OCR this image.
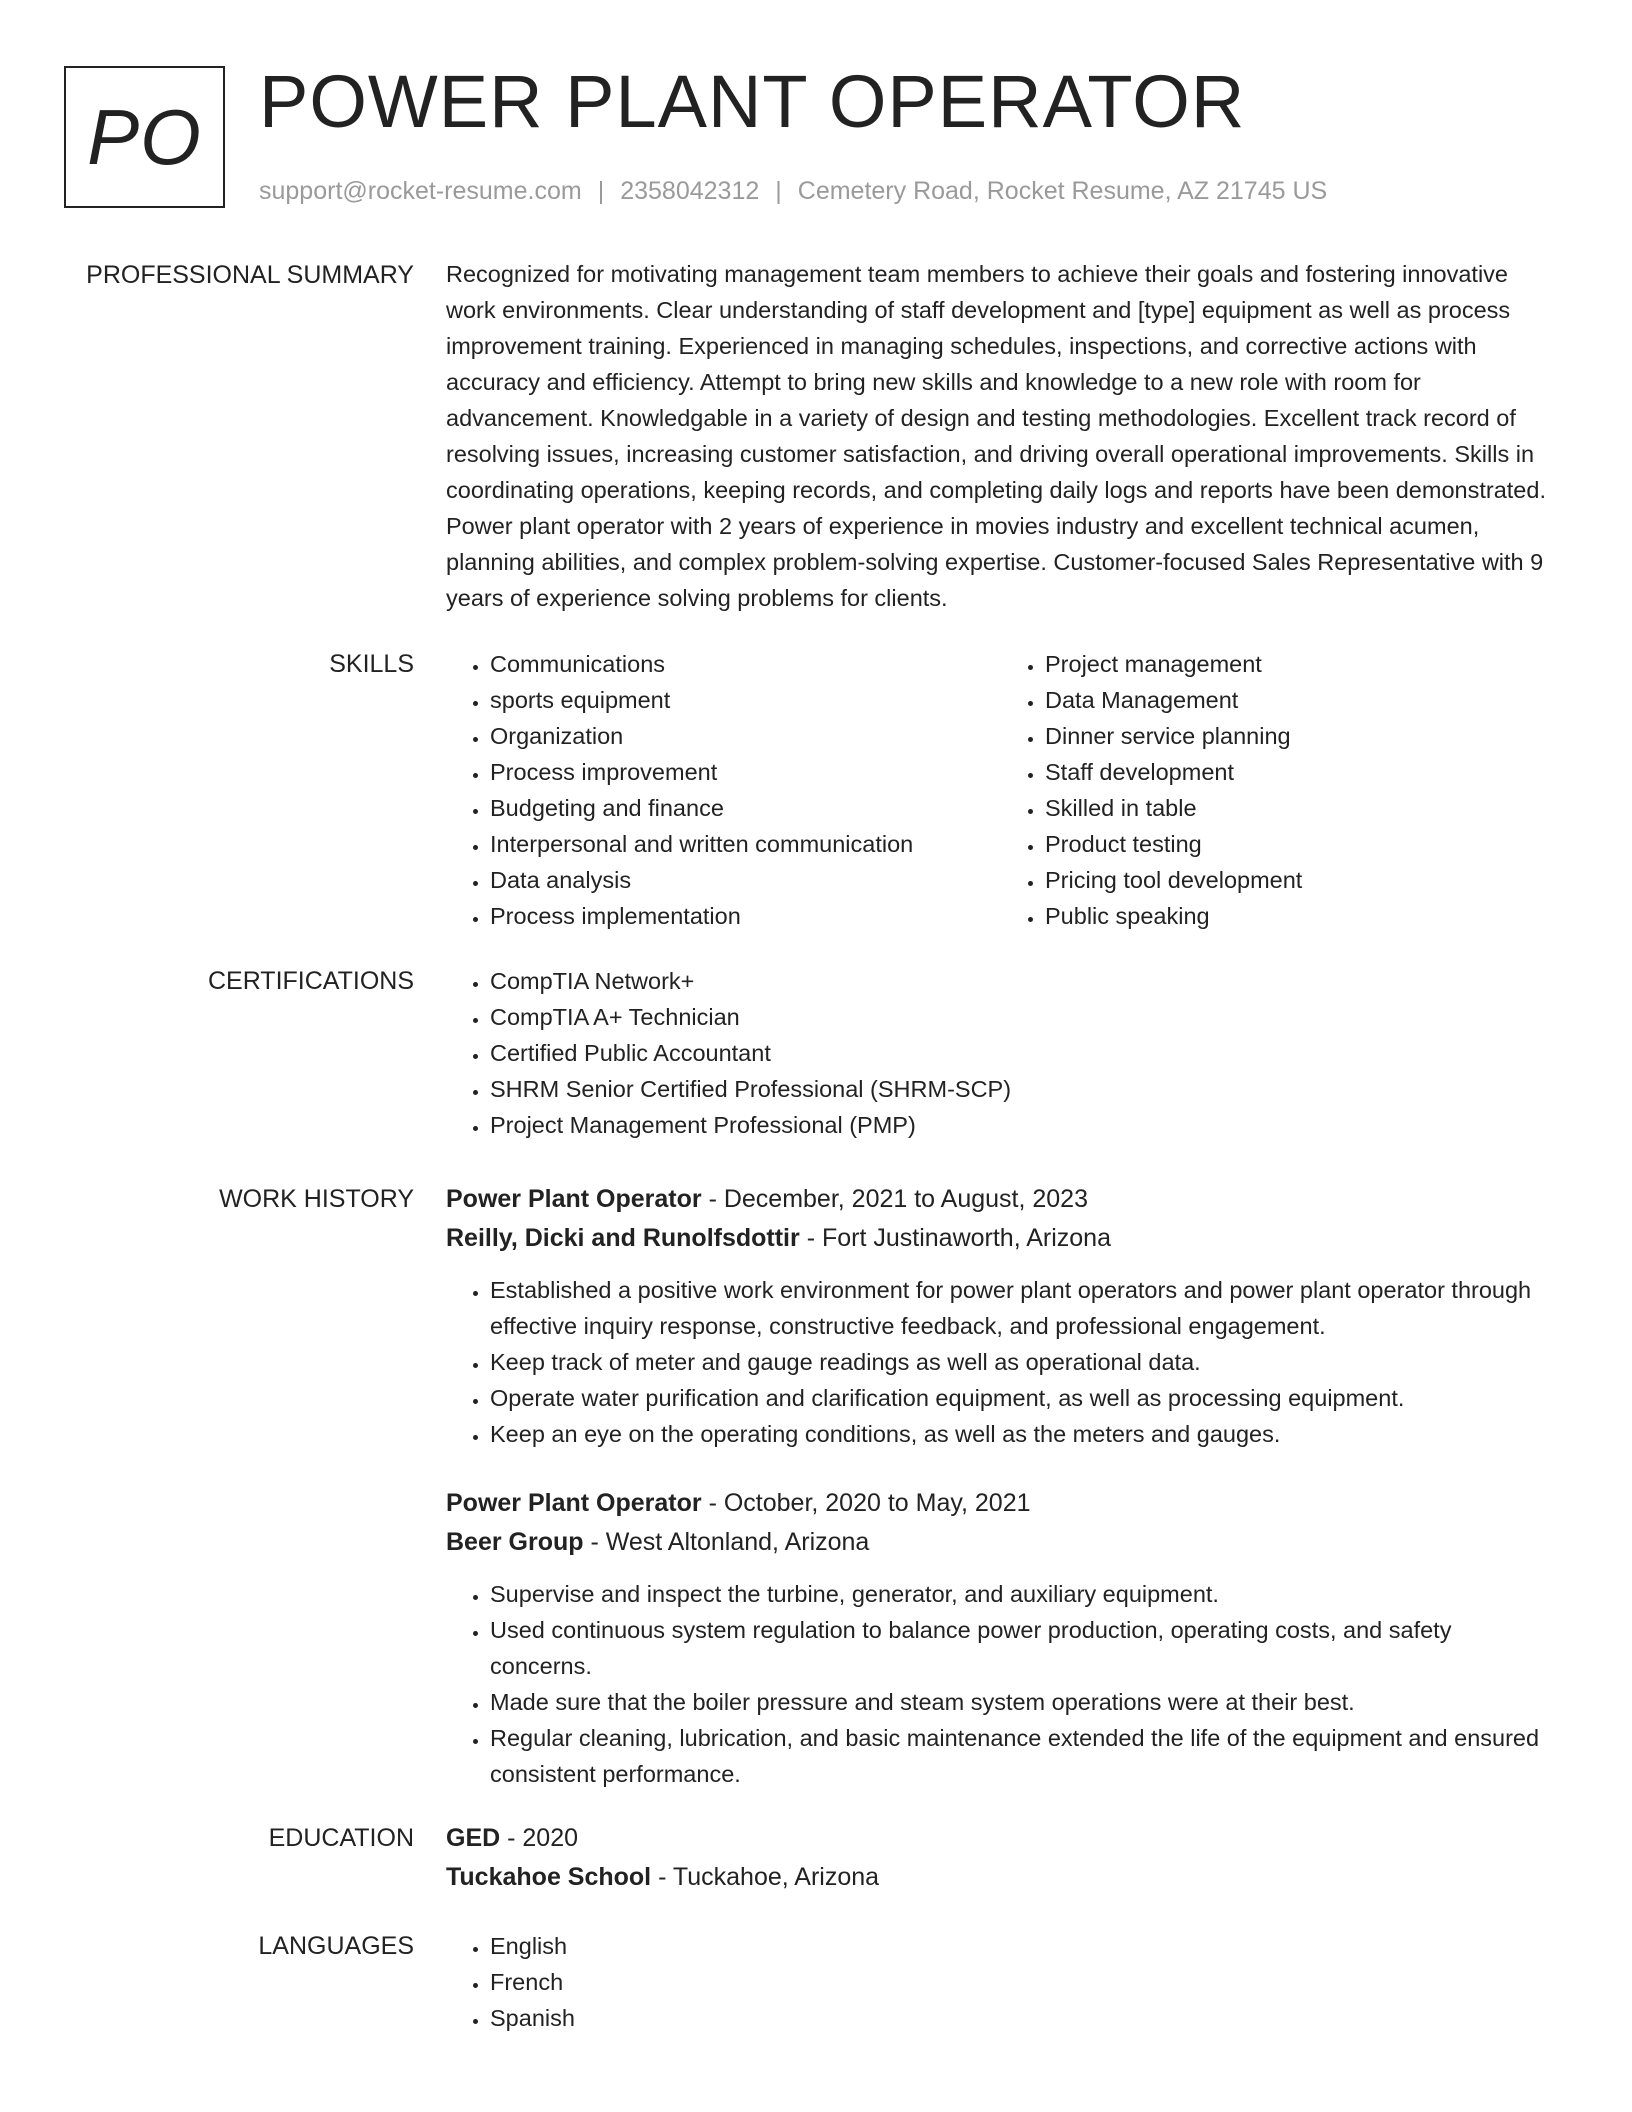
PO POWER PLANT OPERATOR
support@rocket-resume.com | 2358042312 | Cemetery Road, Rocket Resume, AZ 21745 US
PROFESSIONAL SUMMARY Recognized for motivating management team members to achieve their goals and fostering innovative work environments. Clear understanding of staff development and [type] equipment as well as process improvement training. Experienced in managing schedules, inspections, and corrective actions with accuracy and efficiency. Attempt to bring new skills and knowledge to a new role with room for advancement. Knowledgable in a variety of design and testing methodologies. Excellent track record of resolving issues, increasing customer satisfaction, and driving overall operational improvements. Skills in coordinating operations, keeping records, and completing daily logs and reports have been demonstrated. Power plant operator with 2 years of experience in movies industry and excellent technical acumen, planning abilities, and complex problem-solving expertise. Customer-focused Sales Representative with 9 years of experience solving problems for clients.

SKILLS	• Communications
• sports equipment
• Organization
• Process improvement
• Budgeting and finance
• Interpersonal and written communication
• Data analysis
• Process implementation
• Project management
• Data Management
• Dinner service planning
• Staff development
• Skilled in table
• Product testing
• Pricing tool development
• Public speaking
CERTIFICATIONS	• CompTIA Network+
• CompTIA A+ Technician
• Certified Public Accountant
• SHRM Senior Certified Professional (SHRM-SCP)
• Project Management Professional (PMP)
WORK HISTORY Power Plant Operator - December, 2021 to August, 2023
Reilly, Dicki and Runolfsdottir - Fort Justinaworth, Arizona
• Established a positive work environment for power plant operators and power plant operator through effective inquiry response, constructive feedback, and professional engagement.
• Keep track of meter and gauge readings as well as operational data.
• Operate water purification and clarification equipment, as well as processing equipment.
• Keep an eye on the operating conditions, as well as the meters and gauges.
Power Plant Operator - October, 2020 to May, 2021
Beer Group - West Altonland, Arizona
• Supervise and inspect the turbine, generator, and auxiliary equipment.
• Used continuous system regulation to balance power production, operating costs, and safety concerns.
• Made sure that the boiler pressure and steam system operations were at their best.
• Regular cleaning, lubrication, and basic maintenance extended the life of the equipment and ensured consistent performance.
EDUCATION GED - 2020
Tuckahoe School - Tuckahoe, Arizona
LANGUAGES	• English
• French
• Spanish
